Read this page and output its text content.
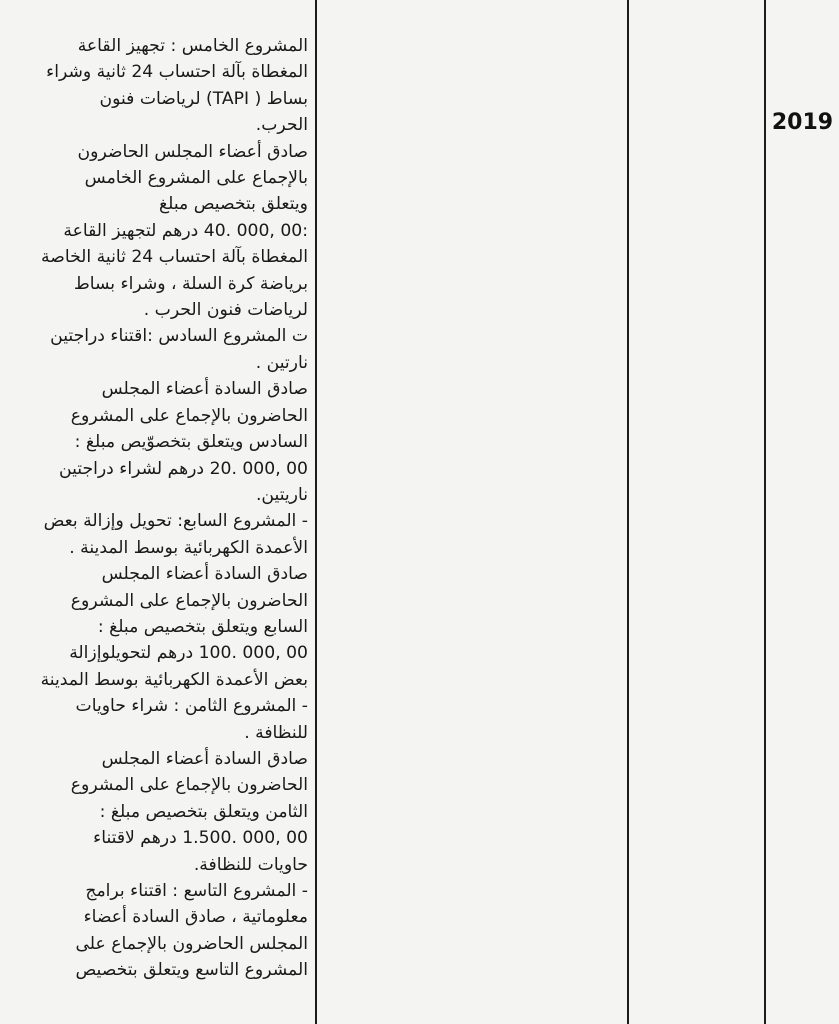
2019
المشروع الخامس : تجهيز القاعة
المغطاة بآلة احتساب 24 ثانية وشراء
بساط ( TAPI) لرياضات فنون
الحرب.
صادق أعضاء المجلس الحاضرون
بالإجماع على المشروع الخامس
ويتعلق بتخصيص مبلغ
:00 ,000 .40 درهم لتجهيز القاعة
المغطاة بآلة احتساب 24 ثانية الخاصة
برياضة كرة السلة ، وشراء بساط
لرياضات فنون الحرب .
ت المشروع السادس :اقتناء دراجتين
نارتين .
صادق السادة أعضاء المجلس
الحاضرون بالإجماع على المشروع
السادس ويتعلق بتخصوّيص مبلغ :
00 ,000 .20 درهم لشراء دراجتين
ناريتين.
- المشروع السابع: تحويل وإزالة بعض
الأعمدة الكهربائية بوسط المدينة .
صادق السادة أعضاء المجلس
الحاضرون بالإجماع على المشروع
السابع ويتعلق بتخصيص مبلغ :
00 ,000 .100 درهم لتحويلوإزالة
بعض الأعمدة الكهربائية بوسط المدينة
- المشروع الثامن : شراء حاويات
للنظافة .
صادق السادة أعضاء المجلس
الحاضرون بالإجماع على المشروع
الثامن ويتعلق بتخصيص مبلغ :
00 ,000 .1.500 درهم لاقتناء
حاويات للنظافة.
- المشروع التاسع : اقتناء برامج
معلوماتية ، صادق السادة أعضاء
المجلس الحاضرون بالإجماع على
المشروع التاسع ويتعلق بتخصيص
